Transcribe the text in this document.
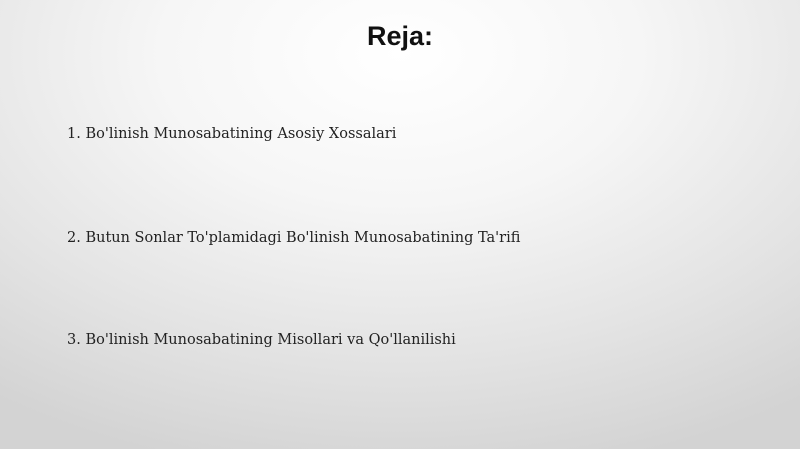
Reja:

1. Bo'linish Munosabatining Asosiy Xossalari

2. Butun Sonlar To'plamidagi Bo'linish Munosabatining Ta'rifi

3. Bo'linish Munosabatining Misollari va Qo'llanilishi
